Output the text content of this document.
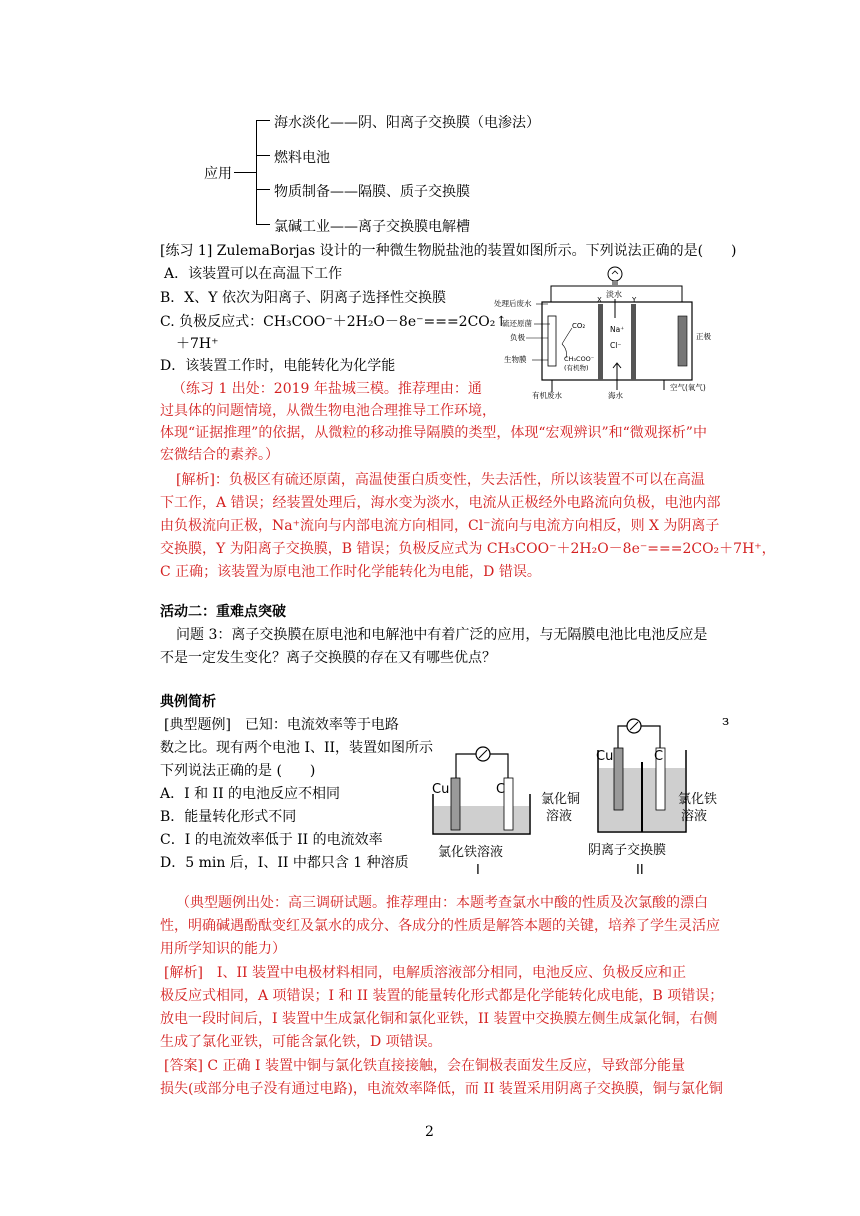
应用
海水淡化——阴、阳离子交换膜（电渗法）
燃料电池
物质制备——隔膜、质子交换膜
氯碱工业——离子交换膜电解槽
[练习 1] ZulemaBorjas 设计的一种微生物脱盐池的装置如图所示。下列说法正确的是(　　)
A．该装置可以在高温下工作
B．X、Y 依次为阳离子、阴离子选择性交换膜
C. 负极反应式：CH₃COO⁻＋2H₂O－8e⁻===2CO₂↑
＋7H⁺
D．该装置工作时，电能转化为化学能
（练习 1 出处：2019 年盐城三模。推荐理由：通
过具体的问题情境，从微生物电池合理推导工作环境，
体现“证据推理”的依据，从微粒的移动推导隔膜的类型，体现“宏观辨识”和“微观探析”中
宏微结合的素养。）
[解析]：负极区有硫还原菌，高温使蛋白质变性，失去活性，所以该装置不可以在高温
下工作，A 错误；经装置处理后，海水变为淡水，电流从正极经外电路流向负极，电池内部
由负极流向正极，Na⁺流向与内部电流方向相同，Cl⁻流向与电流方向相反，则 X 为阴离子
交换膜，Y 为阳离子交换膜，B 错误；负极反应式为 CH₃COO⁻＋2H₂O－8e⁻===2CO₂＋7H⁺，
C 正确；该装置为原电池工作时化学能转化为电能，D 错误。
淡水
X	Y
正极
处理后废水
硫还原菌
负极
生物膜
CO₂
CH₃COO⁻
(有机物)
Na⁺
Cl⁻
有机废水	海水
空气(氧气)
活动二：重难点突破
问题 3：离子交换膜在原电池和电解池中有着广泛的应用，与无隔膜电池比电池反应是
不是一定发生变化？离子交换膜的存在又有哪些优点？
典例简析
[典型题例]　已知：电流效率等于电路
数之比。现有两个电池 I、II，装置如图所示
下列说法正确的是 (　　)
A．I 和 II 的电池反应不相同
B．能量转化形式不同
C．I 的电流效率低于 II 的电流效率
D．5 min 后，I、II 中都只含 1 种溶质
з
Cu	C
氯化铁溶液
I
Cu	C
氯化铜
溶液
氯化铁
溶液
阴离子交换膜
II
（典型题例出处：高三调研试题。推荐理由：本题考查氯水中酸的性质及次氯酸的漂白
性，明确碱遇酚酞变红及氯水的成分、各成分的性质是解答本题的关键，培养了学生灵活应
用所学知识的能力）
[解析]　I、II 装置中电极材料相同，电解质溶液部分相同，电池反应、负极反应和正
极反应式相同，A 项错误；I 和 II 装置的能量转化形式都是化学能转化成电能，B 项错误；
放电一段时间后，I 装置中生成氯化铜和氯化亚铁，II 装置中交换膜左侧生成氯化铜，右侧
生成了氯化亚铁，可能含氯化铁，D 项错误。
[答案] C 正确 I 装置中铜与氯化铁直接接触，会在铜极表面发生反应，导致部分能量
损失(或部分电子没有通过电路)，电流效率降低，而 II 装置采用阴离子交换膜，铜与氯化铜
2
